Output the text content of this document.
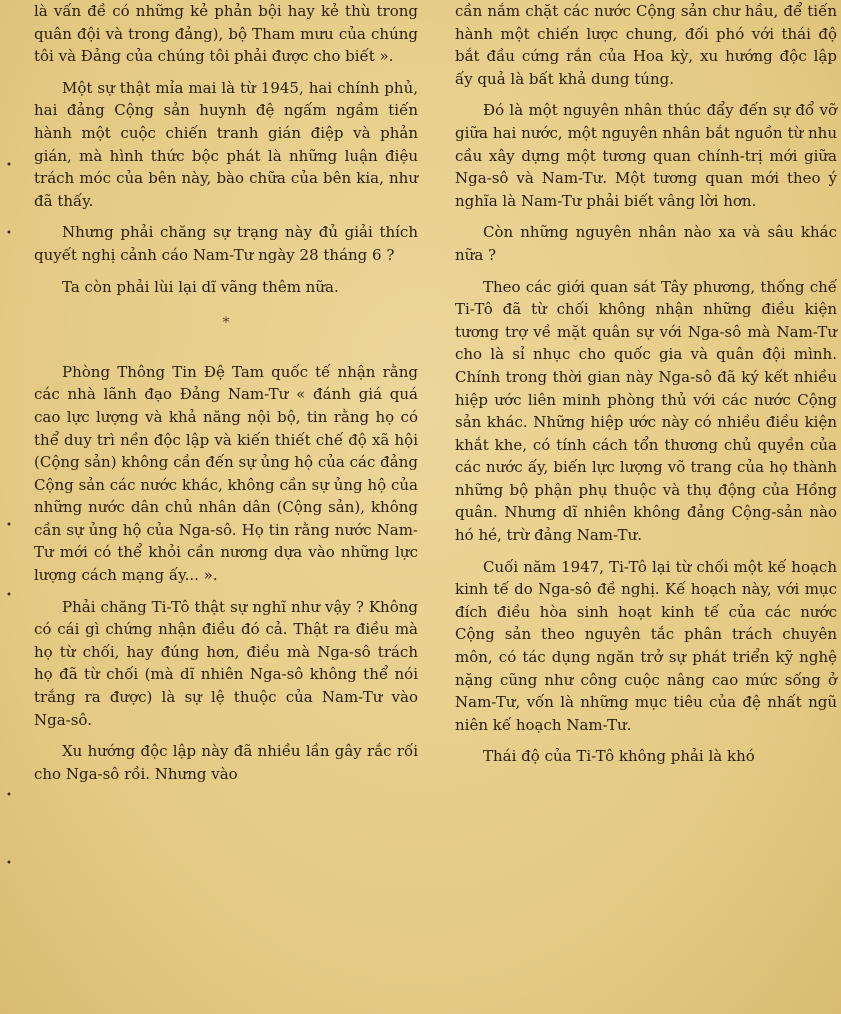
là vấn đề có những kẻ phản bội hay kẻ thù trong quân đội và trong đảng), bộ Tham mưu của chúng tôi và Đảng của chúng tôi phải được cho biết ».

Một sự thật mỉa mai là từ 1945, hai chính phủ, hai đảng Cộng sản huynh đệ ngấm ngầm tiến hành một cuộc chiến tranh gián điệp và phản gián, mà hình thức bộc phát là những luận điệu trách móc của bên này, bào chữa của bên kia, như đã thấy.

Nhưng phải chăng sự trạng này đủ giải thích quyết nghị cảnh cáo Nam-Tư ngày 28 tháng 6 ?

Ta còn phải lùi lại dĩ vãng thêm nữa.

*

Phòng Thông Tin Đệ Tam quốc tế nhận rằng các nhà lãnh đạo Đảng Nam-Tư « đánh giá quá cao lực lượng và khả năng nội bộ, tin rằng họ có thể duy trì nền độc lập và kiến thiết chế độ xã hội (Cộng sản) không cần đến sự ủng hộ của các đảng Cộng sản các nước khác, không cần sự ủng hộ của những nước dân chủ nhân dân (Cộng sản), không cần sự ủng hộ của Nga-sô. Họ tin rằng nước Nam-Tư mới có thể khỏi cần nương dựa vào những lực lượng cách mạng ấy... ».

Phải chăng Ti-Tô thật sự nghĩ như vậy ? Không có cái gì chứng nhận điều đó cả. Thật ra điều mà họ từ chối, hay đúng hơn, điều mà Nga-sô trách họ đã từ chối (mà dĩ nhiên Nga-sô không thể nói trắng ra được) là sự lệ thuộc của Nam-Tư vào Nga-sô.

Xu hướng độc lập này đã nhiều lần gây rắc rối cho Nga-sô rồi. Nhưng vào

cần nắm chặt các nước Cộng sản chư hầu, để tiến hành một chiến lược chung, đối phó với thái độ bắt đầu cứng rắn của Hoa kỳ, xu hướng độc lập ấy quả là bất khả dung túng.

Đó là một nguyên nhân thúc đẩy đến sự đổ vỡ giữa hai nước, một nguyên nhân bắt nguồn từ nhu cầu xây dựng một tương quan chính-trị mới giữa Nga-sô và Nam-Tư. Một tương quan mới theo ý nghĩa là Nam-Tư phải biết vâng lời hơn.

Còn những nguyên nhân nào xa và sâu khác nữa ?

Theo các giới quan sát Tây phương, thống chế Ti-Tô đã từ chối không nhận những điều kiện tương trợ về mặt quân sự với Nga-sô mà Nam-Tư cho là sỉ nhục cho quốc gia và quân đội mình. Chính trong thời gian này Nga-sô đã ký kết nhiều hiệp ước liên minh phòng thủ với các nước Cộng sản khác. Những hiệp ước này có nhiều điều kiện khắt khe, có tính cách tổn thương chủ quyền của các nước ấy, biến lực lượng võ trang của họ thành những bộ phận phụ thuộc và thụ động của Hồng quân. Nhưng dĩ nhiên không đảng Cộng-sản nào hó hé, trừ đảng Nam-Tư.

Cuối năm 1947, Ti-Tô lại từ chối một kế hoạch kinh tế do Nga-sô đề nghị. Kế hoạch này, với mục đích điều hòa sinh hoạt kinh tế của các nước Cộng sản theo nguyên tắc phân trách chuyên môn, có tác dụng ngăn trở sự phát triển kỹ nghệ nặng cũng như công cuộc nâng cao mức sống ở Nam-Tư, vốn là những mục tiêu của đệ nhất ngũ niên kế hoạch Nam-Tư.

Thái độ của Ti-Tô không phải là khó

•
•
•
•
•
•
